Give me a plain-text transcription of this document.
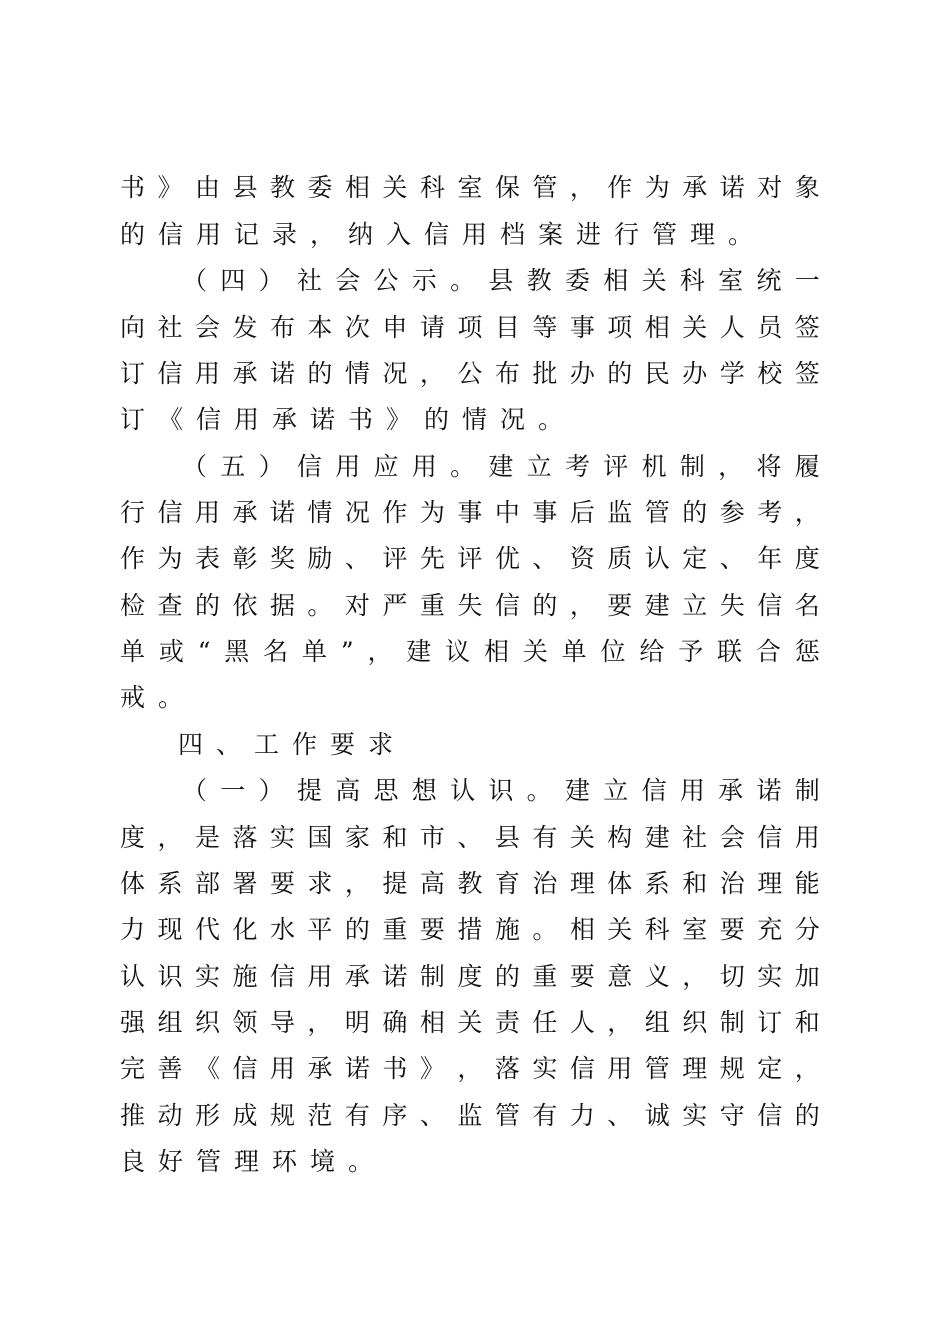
书 》 由 县 教 委 相 关 科 室 保 管 ， 作 为 承 诺 对 象
的信用记录，纳入信用档案进行管理。
（ 四 ） 社 会 公 示 。 县 教 委 相 关 科 室 统 一
向 社 会 发 布 本 次 申 请 项 目 等 事 项 相 关 人 员 签
订 信 用 承 诺 的 情 况 ， 公 布 批 办 的 民 办 学 校 签
订《信用承诺书》的情况。
（ 五 ） 信 用 应 用 。 建 立 考 评 机 制 ， 将 履
行 信 用 承 诺 情 况 作 为 事 中 事 后 监 管 的 参 考 ，
作 为 表 彰 奖 励 、 评 先 评 优 、 资 质 认 定 、 年 度
检 查 的 依 据 。 对 严 重 失 信 的 ， 要 建 立 失 信 名
单 或 “ 黑 名 单 ” ， 建 议 相 关 单 位 给 予 联 合 惩
戒。
四、工作要求
（ 一 ） 提 高 思 想 认 识 。 建 立 信 用 承 诺 制
度 ， 是 落 实 国 家 和 市 、 县 有 关 构 建 社 会 信 用
体 系 部 署 要 求 ， 提 高 教 育 治 理 体 系 和 治 理 能
力 现 代 化 水 平 的 重 要 措 施 。 相 关 科 室 要 充 分
认 识 实 施 信 用 承 诺 制 度 的 重 要 意 义 ， 切 实 加
强 组 织 领 导 ， 明 确 相 关 责 任 人 ， 组 织 制 订 和
完 善 《 信 用 承 诺 书 》 ， 落 实 信 用 管 理 规 定 ，
推 动 形 成 规 范 有 序 、 监 管 有 力 、 诚 实 守 信 的
良好管理环境。
